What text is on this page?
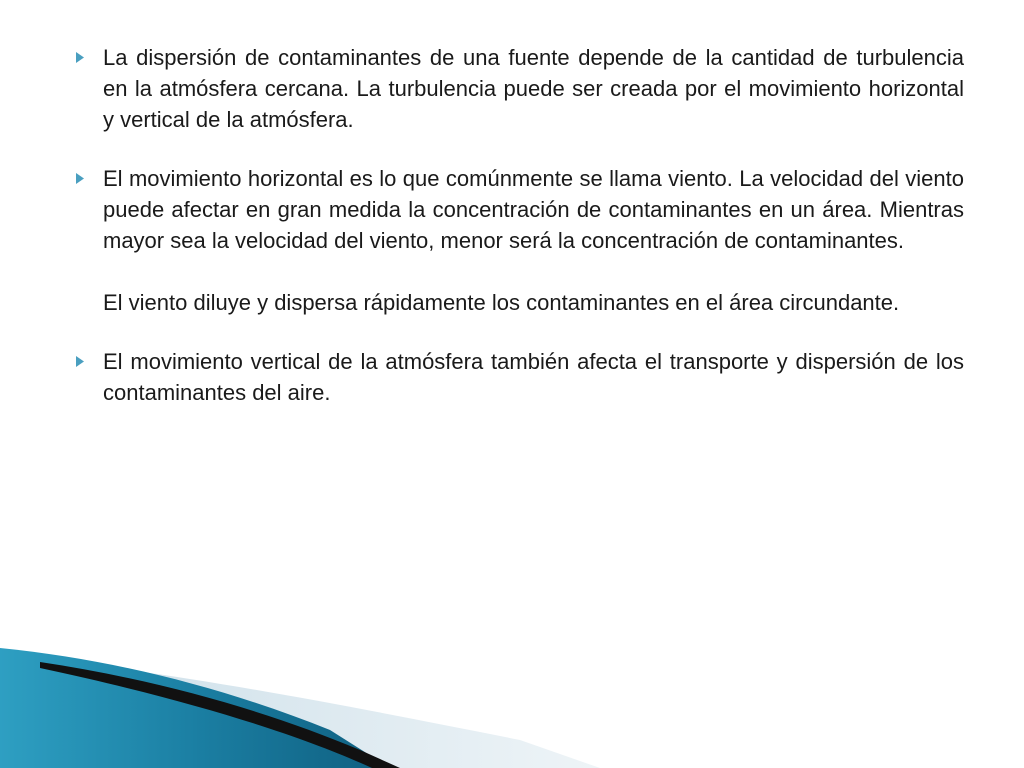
La dispersión de contaminantes de una fuente depende de la cantidad de turbulencia en la atmósfera cercana. La turbulencia puede ser creada por el movimiento horizontal y vertical de la atmósfera.

El movimiento horizontal es lo que comúnmente se llama viento. La velocidad del viento puede afectar en gran medida la concentración de contaminantes en un área. Mientras mayor sea la velocidad del viento, menor será la concentración de contaminantes.

El viento diluye y dispersa rápidamente los contaminantes en el área circundante.

El movimiento vertical de la atmósfera también afecta el transporte y dispersión de los contaminantes del aire.
